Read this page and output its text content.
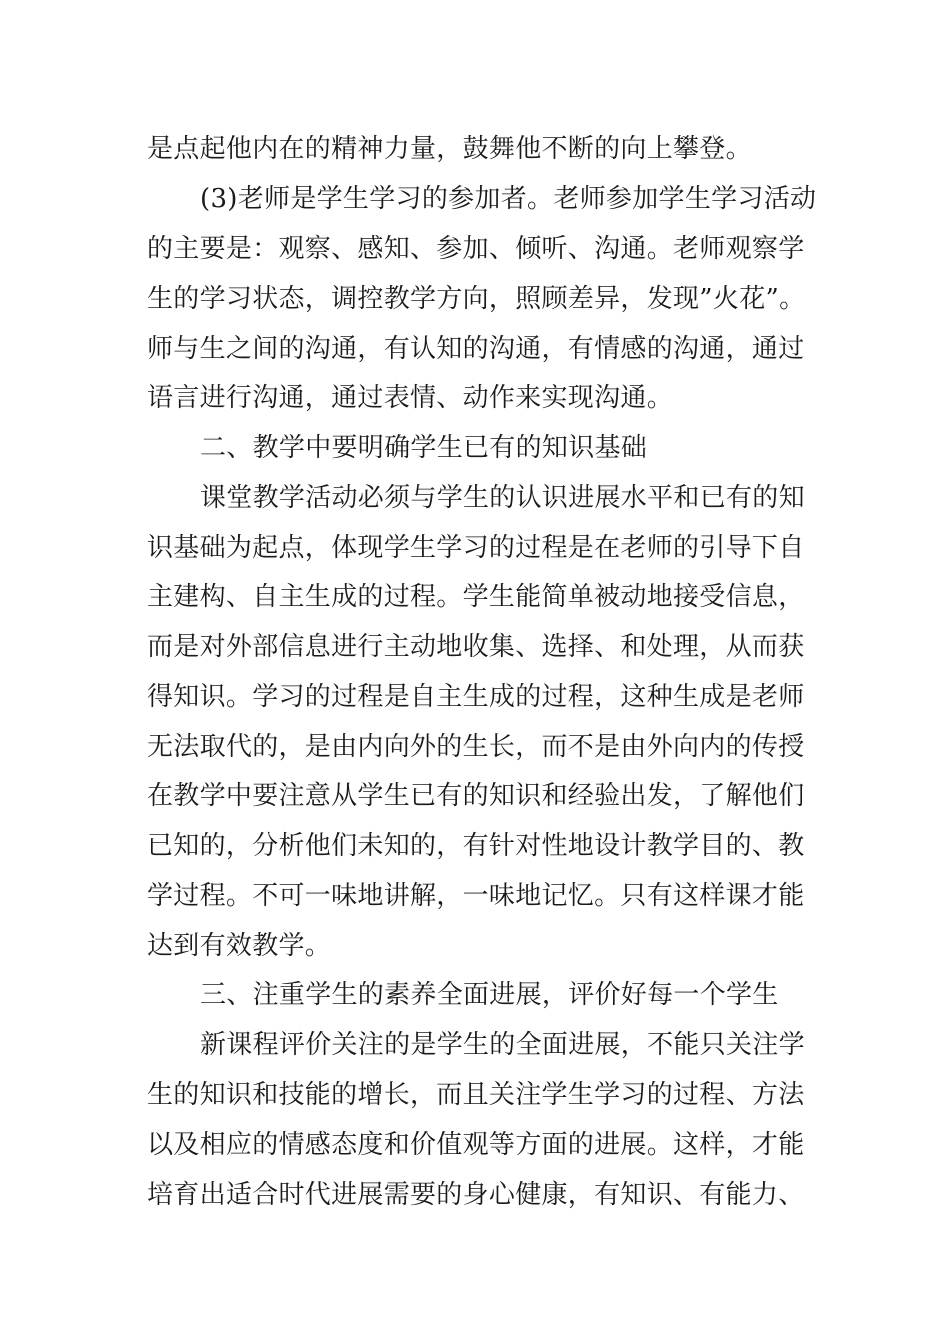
是点起他内在的精神力量，鼓舞他不断的向上攀登。
(3)老师是学生学习的参加者。老师参加学生学习活动
的主要是：观察、感知、参加、倾听、沟通。老师观察学
生的学习状态，调控教学方向，照顾差异，发现”火花”。
师与生之间的沟通，有认知的沟通，有情感的沟通，通过
语言进行沟通，通过表情、动作来实现沟通。
二、教学中要明确学生已有的知识基础
课堂教学活动必须与学生的认识进展水平和已有的知
识基础为起点，体现学生学习的过程是在老师的引导下自
主建构、自主生成的过程。学生能简单被动地接受信息，
而是对外部信息进行主动地收集、选择、和处理，从而获
得知识。学习的过程是自主生成的过程，这种生成是老师
无法取代的，是由内向外的生长，而不是由外向内的传授
在教学中要注意从学生已有的知识和经验出发，了解他们
已知的，分析他们未知的，有针对性地设计教学目的、教
学过程。不可一味地讲解，一味地记忆。只有这样课才能
达到有效教学。
三、注重学生的素养全面进展，评价好每一个学生
新课程评价关注的是学生的全面进展，不能只关注学
生的知识和技能的增长，而且关注学生学习的过程、方法
以及相应的情感态度和价值观等方面的进展。这样，才能
培育出适合时代进展需要的身心健康，有知识、有能力、
